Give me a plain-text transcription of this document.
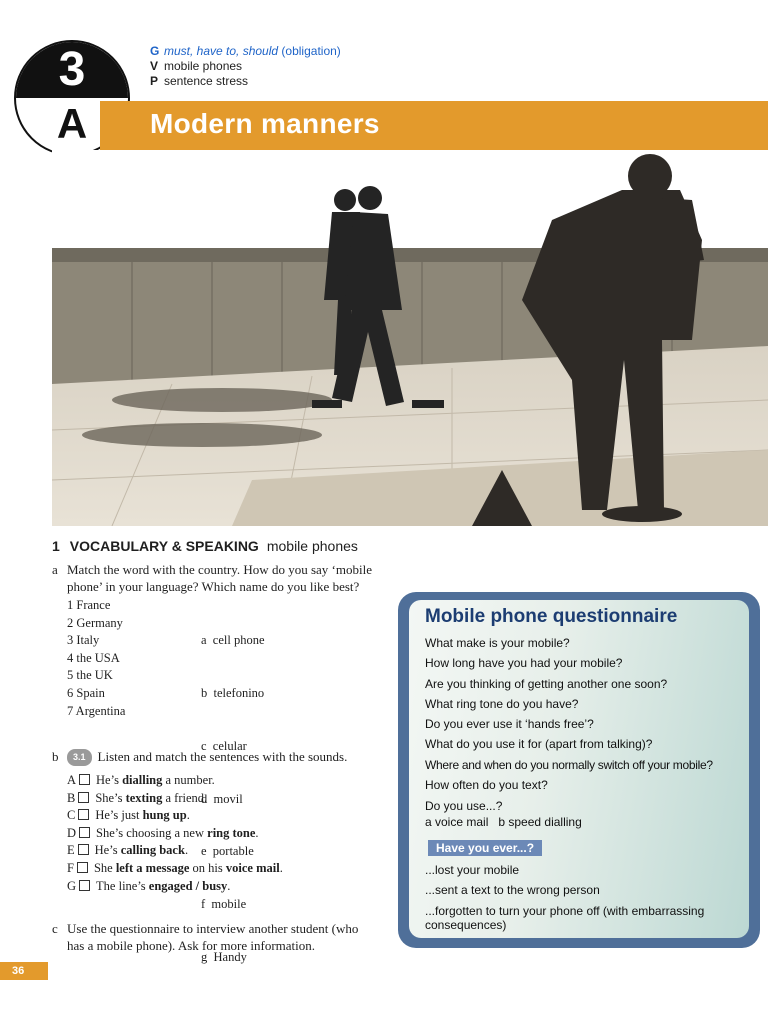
3
A
G must, have to, should (obligation)
V mobile phones
P sentence stress
Modern manners
1 VOCABULARY & SPEAKING mobile phones
a Match the word with the country. How do you say ‘mobile phone’ in your language? Which name do you like best?
1 France
2 Germany
3 Italy
4 the USA
5 the UK
6 Spain
7 Argentina

a  cell phone

b  telefonino

c  celular

d  movil

e  portable

f  mobile

g  Handy

b	3.1 Listen and match the sentences with the sounds.
A He’s dialling a number.
B She’s texting a friend.
C He’s just hung up.
D She’s choosing a new ring tone.
E He’s calling back.
F She left a message on his voice mail.
G The line’s engaged / busy.
c Use the questionnaire to interview another student (who has a mobile phone). Ask for more information.
Mobile phone questionnaire
What make is your mobile?
How long have you had your mobile?
Are you thinking of getting another one soon?
What ring tone do you have?
Do you ever use it ‘hands free’?
What do you use it for (apart from talking)?
Where and when do you normally switch off your mobile?
How often do you text?
Do you use...?
a voice mail   b speed dialling
Have you ever...?
...lost your mobile
...sent a text to the wrong person
...forgotten to turn your phone off (with embarrassing consequences)
36
